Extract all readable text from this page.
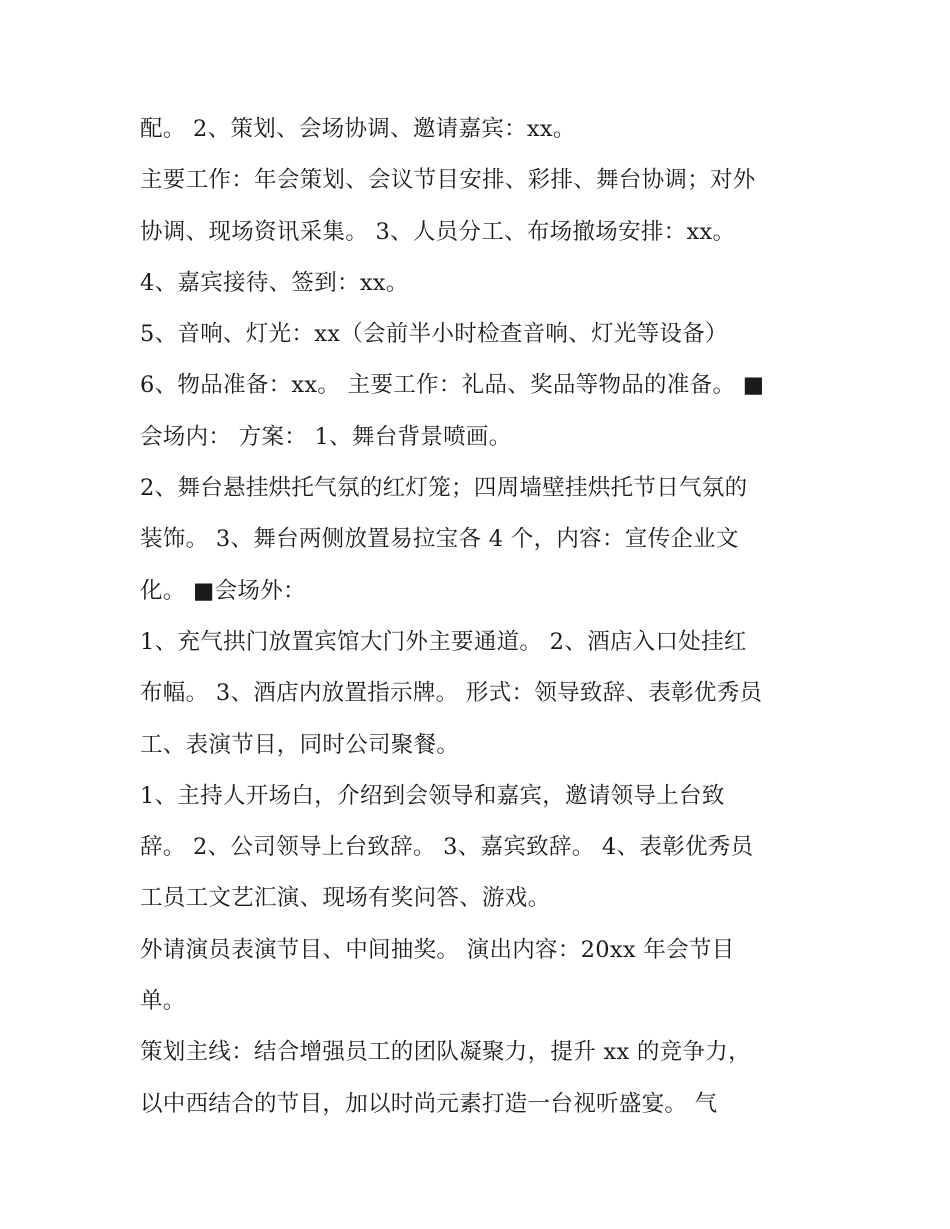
配。 2、策划、会场协调、邀请嘉宾：xx。
主要工作：年会策划、会议节目安排、彩排、舞台协调；对外
协调、现场资讯采集。 3、人员分工、布场撤场安排：xx。
4、嘉宾接待、签到：xx。
5、音响、灯光：xx（会前半小时检查音响、灯光等设备）
6、物品准备：xx。 主要工作：礼品、奖品等物品的准备。 ■
会场内： 方案： 1、舞台背景喷画。
2、舞台悬挂烘托气氛的红灯笼；四周墙壁挂烘托节日气氛的
装饰。 3、舞台两侧放置易拉宝各 4 个，内容：宣传企业文
化。 ■会场外：
1、充气拱门放置宾馆大门外主要通道。 2、酒店入口处挂红
布幅。 3、酒店内放置指示牌。 形式：领导致辞、表彰优秀员
工、表演节目，同时公司聚餐。
1、主持人开场白，介绍到会领导和嘉宾，邀请领导上台致
辞。 2、公司领导上台致辞。 3、嘉宾致辞。 4、表彰优秀员
工员工文艺汇演、现场有奖问答、游戏。
外请演员表演节目、中间抽奖。 演出内容：20xx 年会节目
单。
策划主线：结合增强员工的团队凝聚力，提升 xx 的竞争力，
以中西结合的节目，加以时尚元素打造一台视听盛宴。 气
